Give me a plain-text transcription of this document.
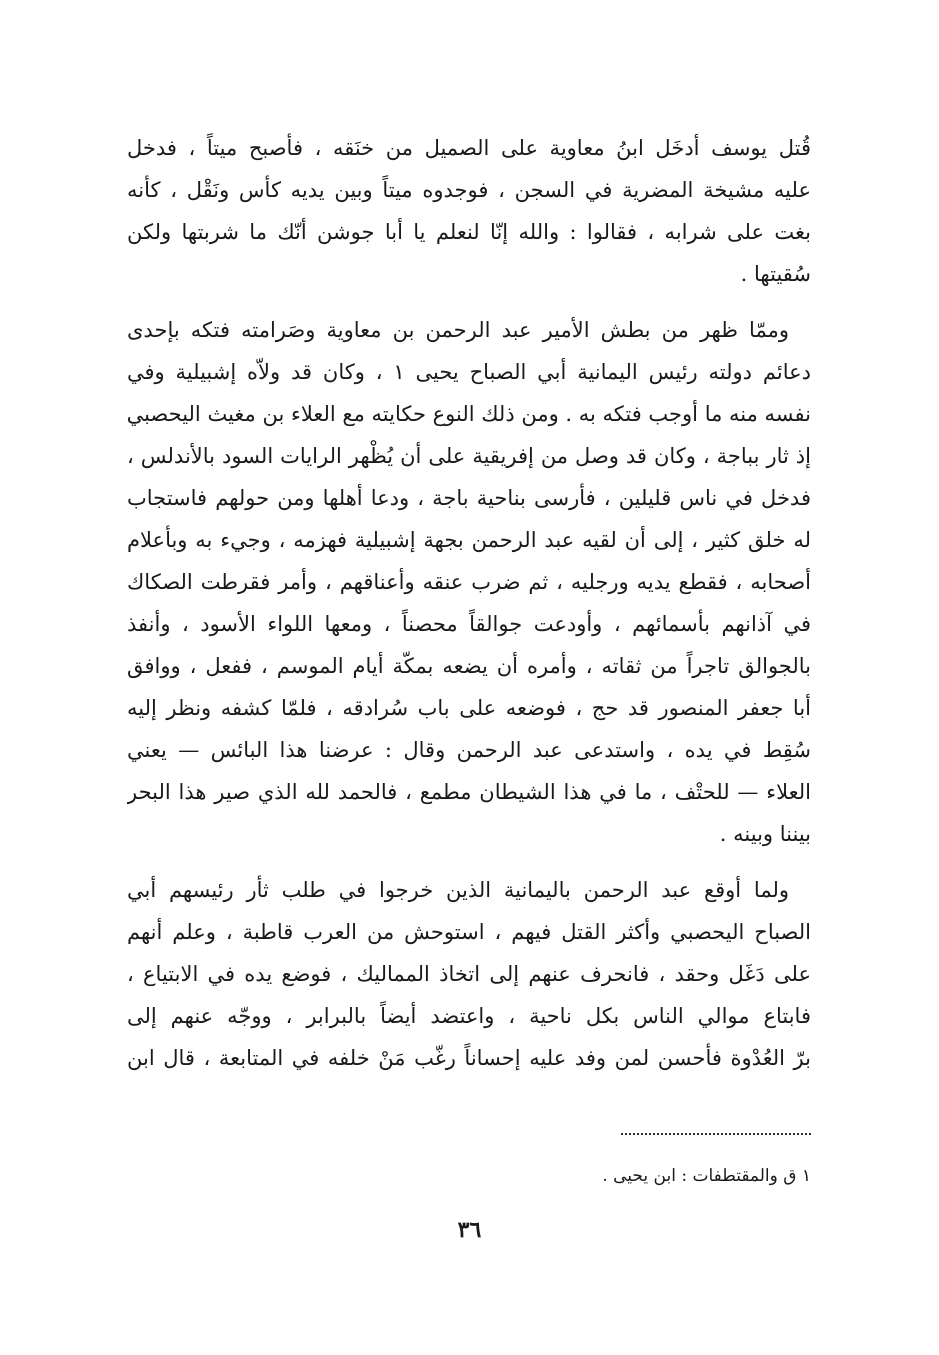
قُتل يوسف أدخَل ابنُ معاوية على الصميل من خنَقه ، فأصبح ميتاً ، فدخل
عليه مشيخة المضرية في السجن ، فوجدوه ميتاً وبين يديه كأس ونَقْل ، كأنه
بغت على شرابه ، فقالوا : والله إنّا لنعلم يا أبا جوشن أنّك ما شربتها ولكن
سُقيتها .
وممّا ظهر من بطش الأمير عبد الرحمن بن معاوية وصَرامته فتكه بإحدى
دعائم دولته رئيس اليمانية أبي الصباح يحيى ١ ، وكان قد ولاّه إشبيلية وفي
نفسه منه ما أوجب فتكه به . ومن ذلك النوع حكايته مع العلاء بن مغيث اليحصبي
إذ ثار بباجة ، وكان قد وصل من إفريقية على أن يُظْهر الرايات السود بالأندلس ،
فدخل في ناس قليلين ، فأرسى بناحية باجة ، ودعا أهلها ومن حولهم فاستجاب
له خلق كثير ، إلى أن لقيه عبد الرحمن بجهة إشبيلية فهزمه ، وجيء به وبأعلام
أصحابه ، فقطع يديه ورجليه ، ثم ضرب عنقه وأعناقهم ، وأمر فقرطت الصكاك
في آذانهم بأسمائهم ، وأودعت جوالقاً محصناً ، ومعها اللواء الأسود ، وأنفذ
بالجوالق تاجراً من ثقاته ، وأمره أن يضعه بمكّة أيام الموسم ، ففعل ، ووافق
أبا جعفر المنصور قد حج ، فوضعه على باب سُرادقه ، فلمّا كشفه ونظر إليه
سُقِط في يده ، واستدعى عبد الرحمن وقال : عرضنا هذا البائس — يعني
العلاء — للحتْف ، ما في هذا الشيطان مطمع ، فالحمد لله الذي صير هذا البحر
بيننا وبينه .
ولما أوقع عبد الرحمن باليمانية الذين خرجوا في طلب ثأر رئيسهم أبي
الصباح اليحصبي وأكثر القتل فيهم ، استوحش من العرب قاطبة ، وعلم أنهم
على دَغَل وحقد ، فانحرف عنهم إلى اتخاذ المماليك ، فوضع يده في الابتياع ،
فابتاع موالي الناس بكل ناحية ، واعتضد أيضاً بالبرابر ، ووجّه عنهم إلى
برّ العُدْوة فأحسن لمن وفد عليه إحساناً رغّب مَنْ خلفه في المتابعة ، قال ابن
١ ق والمقتطفات : ابن يحيى .
٣٦
